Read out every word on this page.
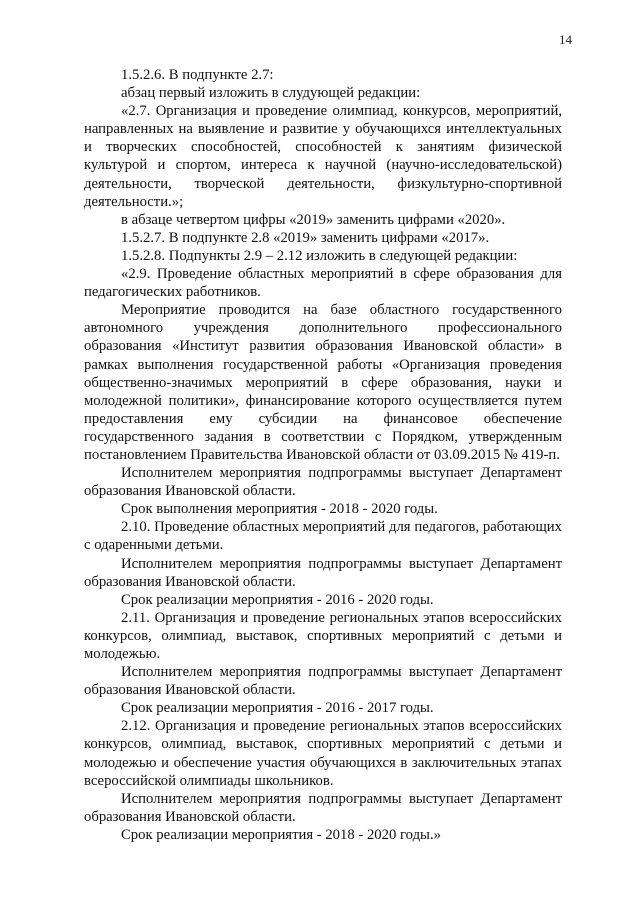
14

1.5.2.6. В подпункте 2.7:

абзац первый изложить в слудующей редакции:

«2.7. Организация и проведение олимпиад, конкурсов, мероприятий, направленных на выявление и развитие у обучающихся интеллектуальных и творческих способностей, способностей к занятиям физической культурой и спортом, интереса к научной (научно-исследовательской) деятельности, творческой деятельности, физкультурно-спортивной деятельности.»;

в абзаце четвертом цифры «2019» заменить цифрами «2020».

1.5.2.7. В подпункте 2.8 «2019» заменить цифрами «2017».

1.5.2.8. Подпункты 2.9 – 2.12 изложить в следующей редакции:

«2.9. Проведение областных мероприятий в сфере образования для педагогических работников.

Мероприятие проводится на базе областного государственного автономного учреждения дополнительного профессионального образования «Институт развития образования Ивановской области» в рамках выполнения государственной работы «Организация проведения общественно-значимых мероприятий в сфере образования, науки и молодежной политики», финансирование которого осуществляется путем предоставления ему субсидии на финансовое обеспечение государственного задания в соответствии с Порядком, утвержденным постановлением Правительства Ивановской области от 03.09.2015 № 419-п.

Исполнителем мероприятия подпрограммы выступает Департамент образования Ивановской области.

Срок выполнения мероприятия - 2018 - 2020 годы.

2.10. Проведение областных мероприятий для педагогов, работающих с одаренными детьми.

Исполнителем мероприятия подпрограммы выступает Департамент образования Ивановской области.

Срок реализации мероприятия - 2016 - 2020 годы.

2.11. Организация и проведение региональных этапов всероссийских конкурсов, олимпиад, выставок, спортивных мероприятий с детьми и молодежью.

Исполнителем мероприятия подпрограммы выступает Департамент образования Ивановской области.

Срок реализации мероприятия - 2016 - 2017 годы.

2.12. Организация и проведение региональных этапов всероссийских конкурсов, олимпиад, выставок, спортивных мероприятий с детьми и молодежью и обеспечение участия обучающихся в заключительных этапах всероссийской олимпиады школьников.

Исполнителем мероприятия подпрограммы выступает Департамент образования Ивановской области.

Срок реализации мероприятия - 2018 - 2020 годы.»
